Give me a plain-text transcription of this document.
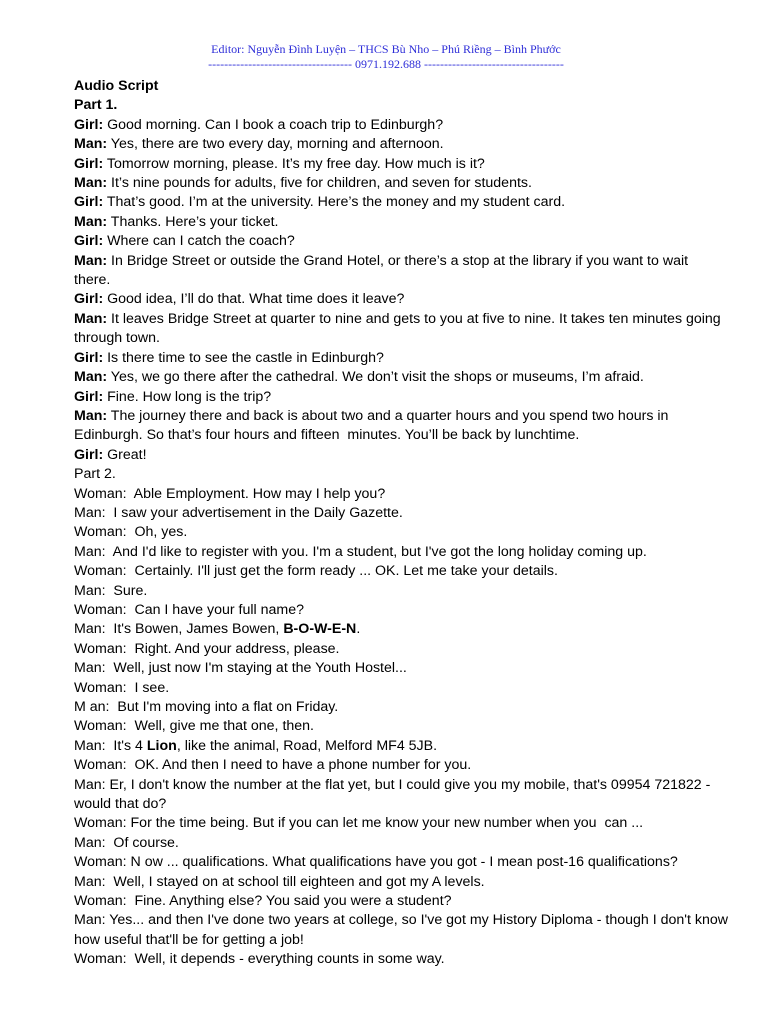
Editor: Nguyễn Đình Luyện – THCS Bù Nho – Phú Riềng – Bình Phước
------------------------------------ 0971.192.688 -----------------------------------
Audio Script
Part 1.
Girl: Good morning. Can I book a coach trip to Edinburgh?
Man: Yes, there are two every day, morning and afternoon.
Girl: Tomorrow morning, please. It’s my free day. How much is it?
Man: It’s nine pounds for adults, five for children, and seven for students.
Girl: That’s good. I’m at the university. Here’s the money and my student card.
Man: Thanks. Here’s your ticket.
Girl: Where can I catch the coach?
Man: In Bridge Street or outside the Grand Hotel, or there’s a stop at the library if you want to wait there.
Girl: Good idea, I’ll do that. What time does it leave?
Man: It leaves Bridge Street at quarter to nine and gets to you at five to nine. It takes ten minutes going through town.
Girl: Is there time to see the castle in Edinburgh?
Man: Yes, we go there after the cathedral. We don’t visit the shops or museums, I’m afraid.
Girl: Fine. How long is the trip?
Man: The journey there and back is about two and a quarter hours and you spend two hours in Edinburgh. So that’s four hours and fifteen  minutes. You’ll be back by lunchtime.
Girl: Great!
Part 2.
Woman:  Able Employment. How may I help you?
Man:  I saw your advertisement in the Daily Gazette.
Woman:  Oh, yes.
Man:  And I'd like to register with you. I'm a student, but I've got the long holiday coming up.
Woman:  Certainly. I'll just get the form ready ... OK. Let me take your details.
Man:  Sure.
Woman:  Can I have your full name?
Man:  It's Bowen, James Bowen, B-O-W-E-N.
Woman:  Right. And your address, please.
Man:  Well, just now I'm staying at the Youth Hostel...
Woman:  I see.
M an:  But I'm moving into a flat on Friday.
Woman:  Well, give me that one, then.
Man:  It's 4 Lion, like the animal, Road, Melford MF4 5JB.
Woman:  OK. And then I need to have a phone number for you.
Man: Er, I don't know the number at the flat yet, but I could give you my mobile, that's 09954 721822 - would that do?
Woman: For the time being. But if you can let me know your new number when you  can ...
Man:  Of course.
Woman: N ow ... qualifications. What qualifications have you got - I mean post-16 qualifications?
Man:  Well, I stayed on at school till eighteen and got my A levels.
Woman:  Fine. Anything else? You said you were a student?
Man: Yes... and then I've done two years at college, so I've got my History Diploma - though I don't know how useful that'll be for getting a job!
Woman:  Well, it depends - everything counts in some way.
